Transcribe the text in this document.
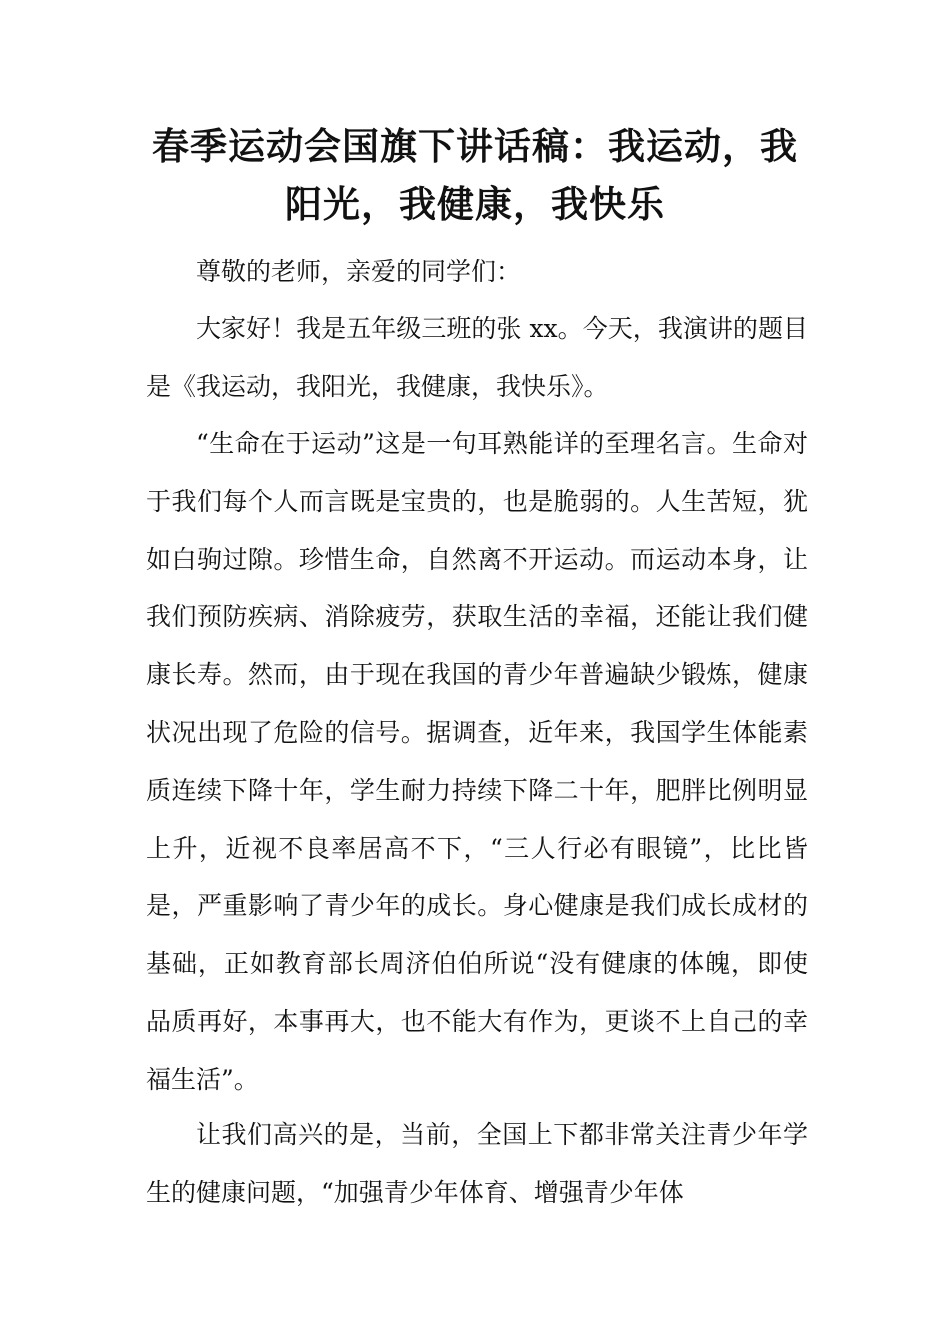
春季运动会国旗下讲话稿：我运动，我
阳光，我健康，我快乐

尊敬的老师，亲爱的同学们：

大家好！我是五年级三班的张 xx。今天，我演讲的题目是《我运动，我阳光，我健康，我快乐》。

“生命在于运动”这是一句耳熟能详的至理名言。生命对于我们每个人而言既是宝贵的，也是脆弱的。人生苦短，犹如白驹过隙。珍惜生命，自然离不开运动。而运动本身，让我们预防疾病、消除疲劳，获取生活的幸福，还能让我们健康长寿。然而，由于现在我国的青少年普遍缺少锻炼，健康状况出现了危险的信号。据调查，近年来，我国学生体能素质连续下降十年，学生耐力持续下降二十年，肥胖比例明显上升，近视不良率居高不下，“三人行必有眼镜”，比比皆是，严重影响了青少年的成长。身心健康是我们成长成材的基础，正如教育部长周济伯伯所说“没有健康的体魄，即使品质再好，本事再大，也不能大有作为，更谈不上自己的幸福生活”。

让我们高兴的是，当前，全国上下都非常关注青少年学生的健康问题，“加强青少年体育、增强青少年体
